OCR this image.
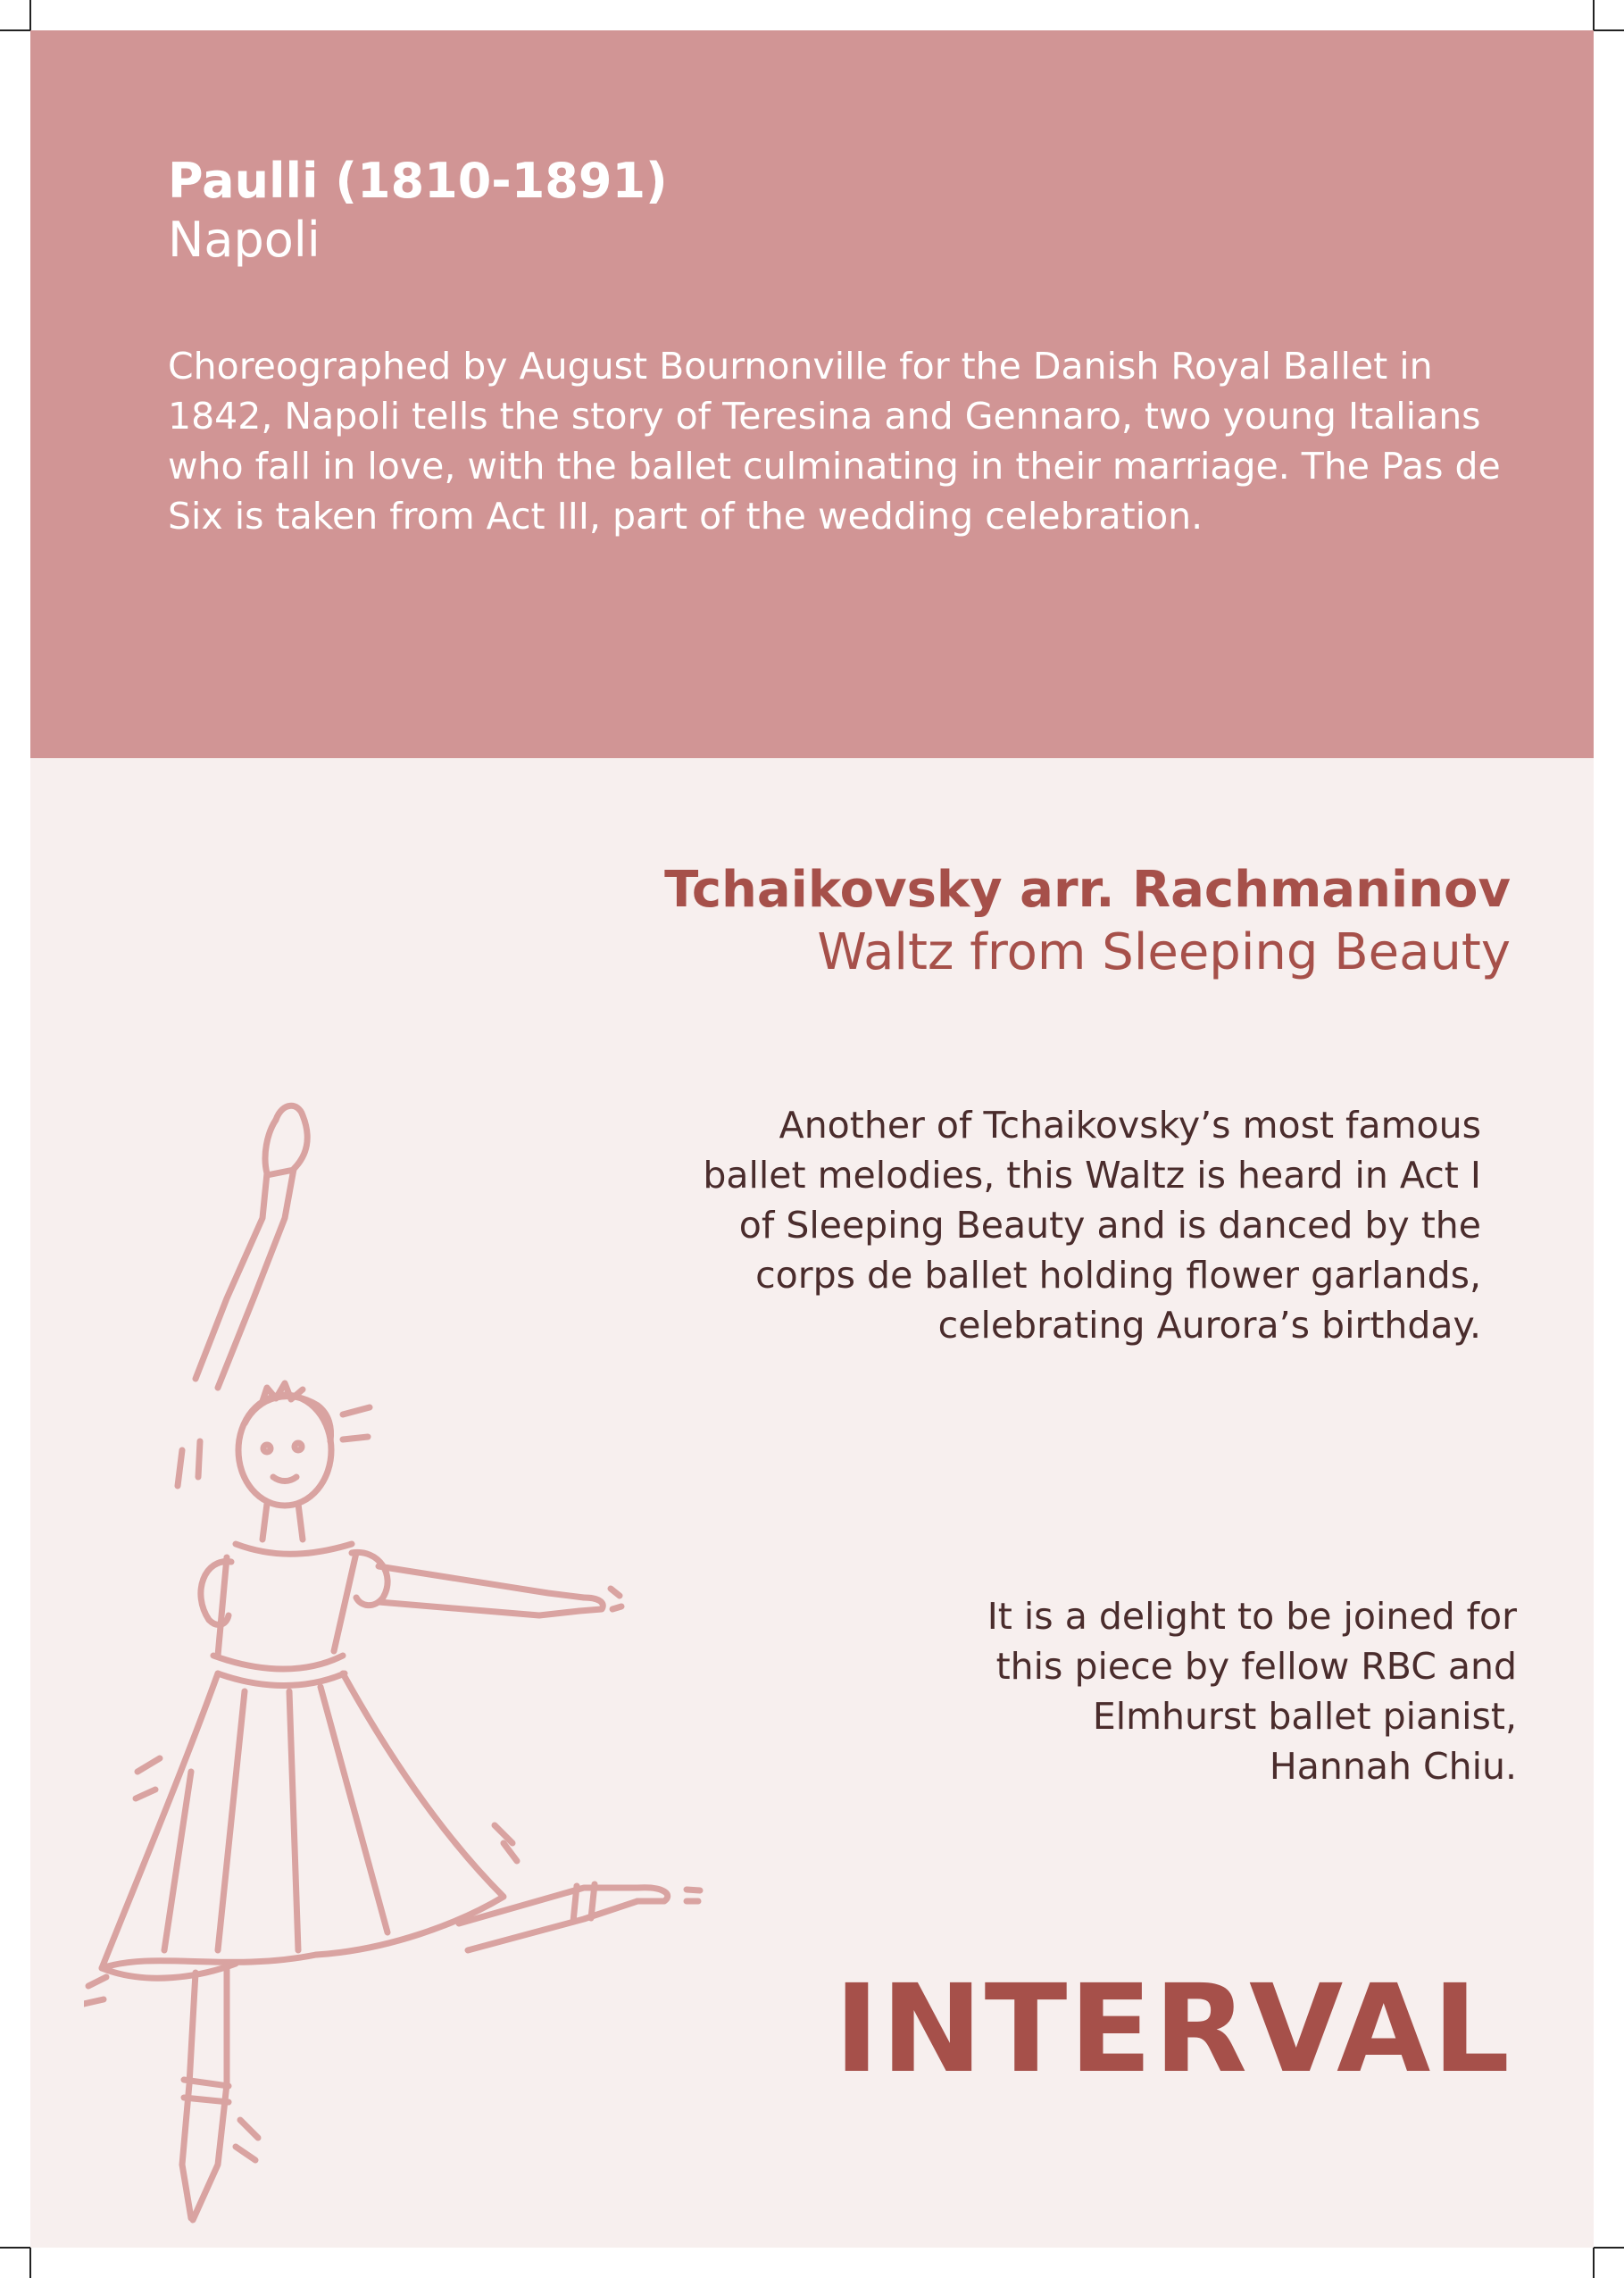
Paulli (1810-1891)

Napoli

Choreographed by August Bournonville for the Danish Royal Ballet in 1842, Napoli tells the story of Teresina and Gennaro, two young Italians who fall in love, with the ballet culminating in their marriage. The Pas de Six is taken from Act III, part of the wedding celebration.

Tchaikovsky arr. Rachmaninov

Waltz from Sleeping Beauty

Another of Tchaikovsky’s most famous
ballet melodies, this Waltz is heard in Act I
of Sleeping Beauty and is danced by the
corps de ballet holding flower garlands,
celebrating Aurora’s birthday.

It is a delight to be joined for
this piece by fellow RBC and
Elmhurst ballet pianist,
Hannah Chiu.

INTERVAL
